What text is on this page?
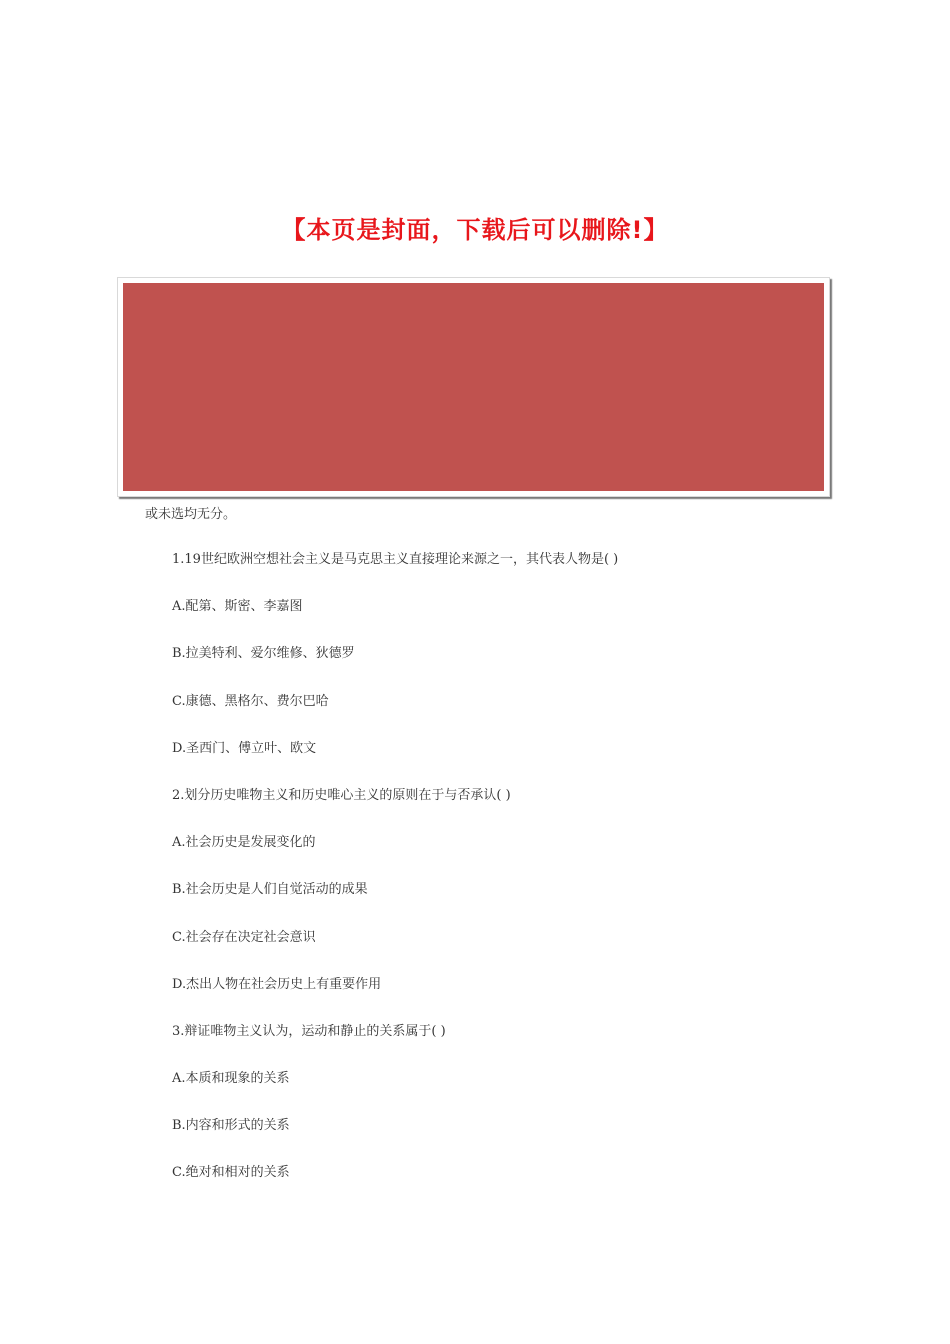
【本页是封面，下载后可以删除!】
或未选均无分。
1.19世纪欧洲空想社会主义是马克思主义直接理论来源之一，其代表人物是( )
A.配第、斯密、李嘉图
B.拉美特利、爱尔维修、狄德罗
C.康德、黑格尔、费尔巴哈
D.圣西门、傅立叶、欧文
2.划分历史唯物主义和历史唯心主义的原则在于与否承认( )
A.社会历史是发展变化的
B.社会历史是人们自觉活动的成果
C.社会存在决定社会意识
D.杰出人物在社会历史上有重要作用
3.辩证唯物主义认为，运动和静止的关系属于( )
A.本质和现象的关系
B.内容和形式的关系
C.绝对和相对的关系
